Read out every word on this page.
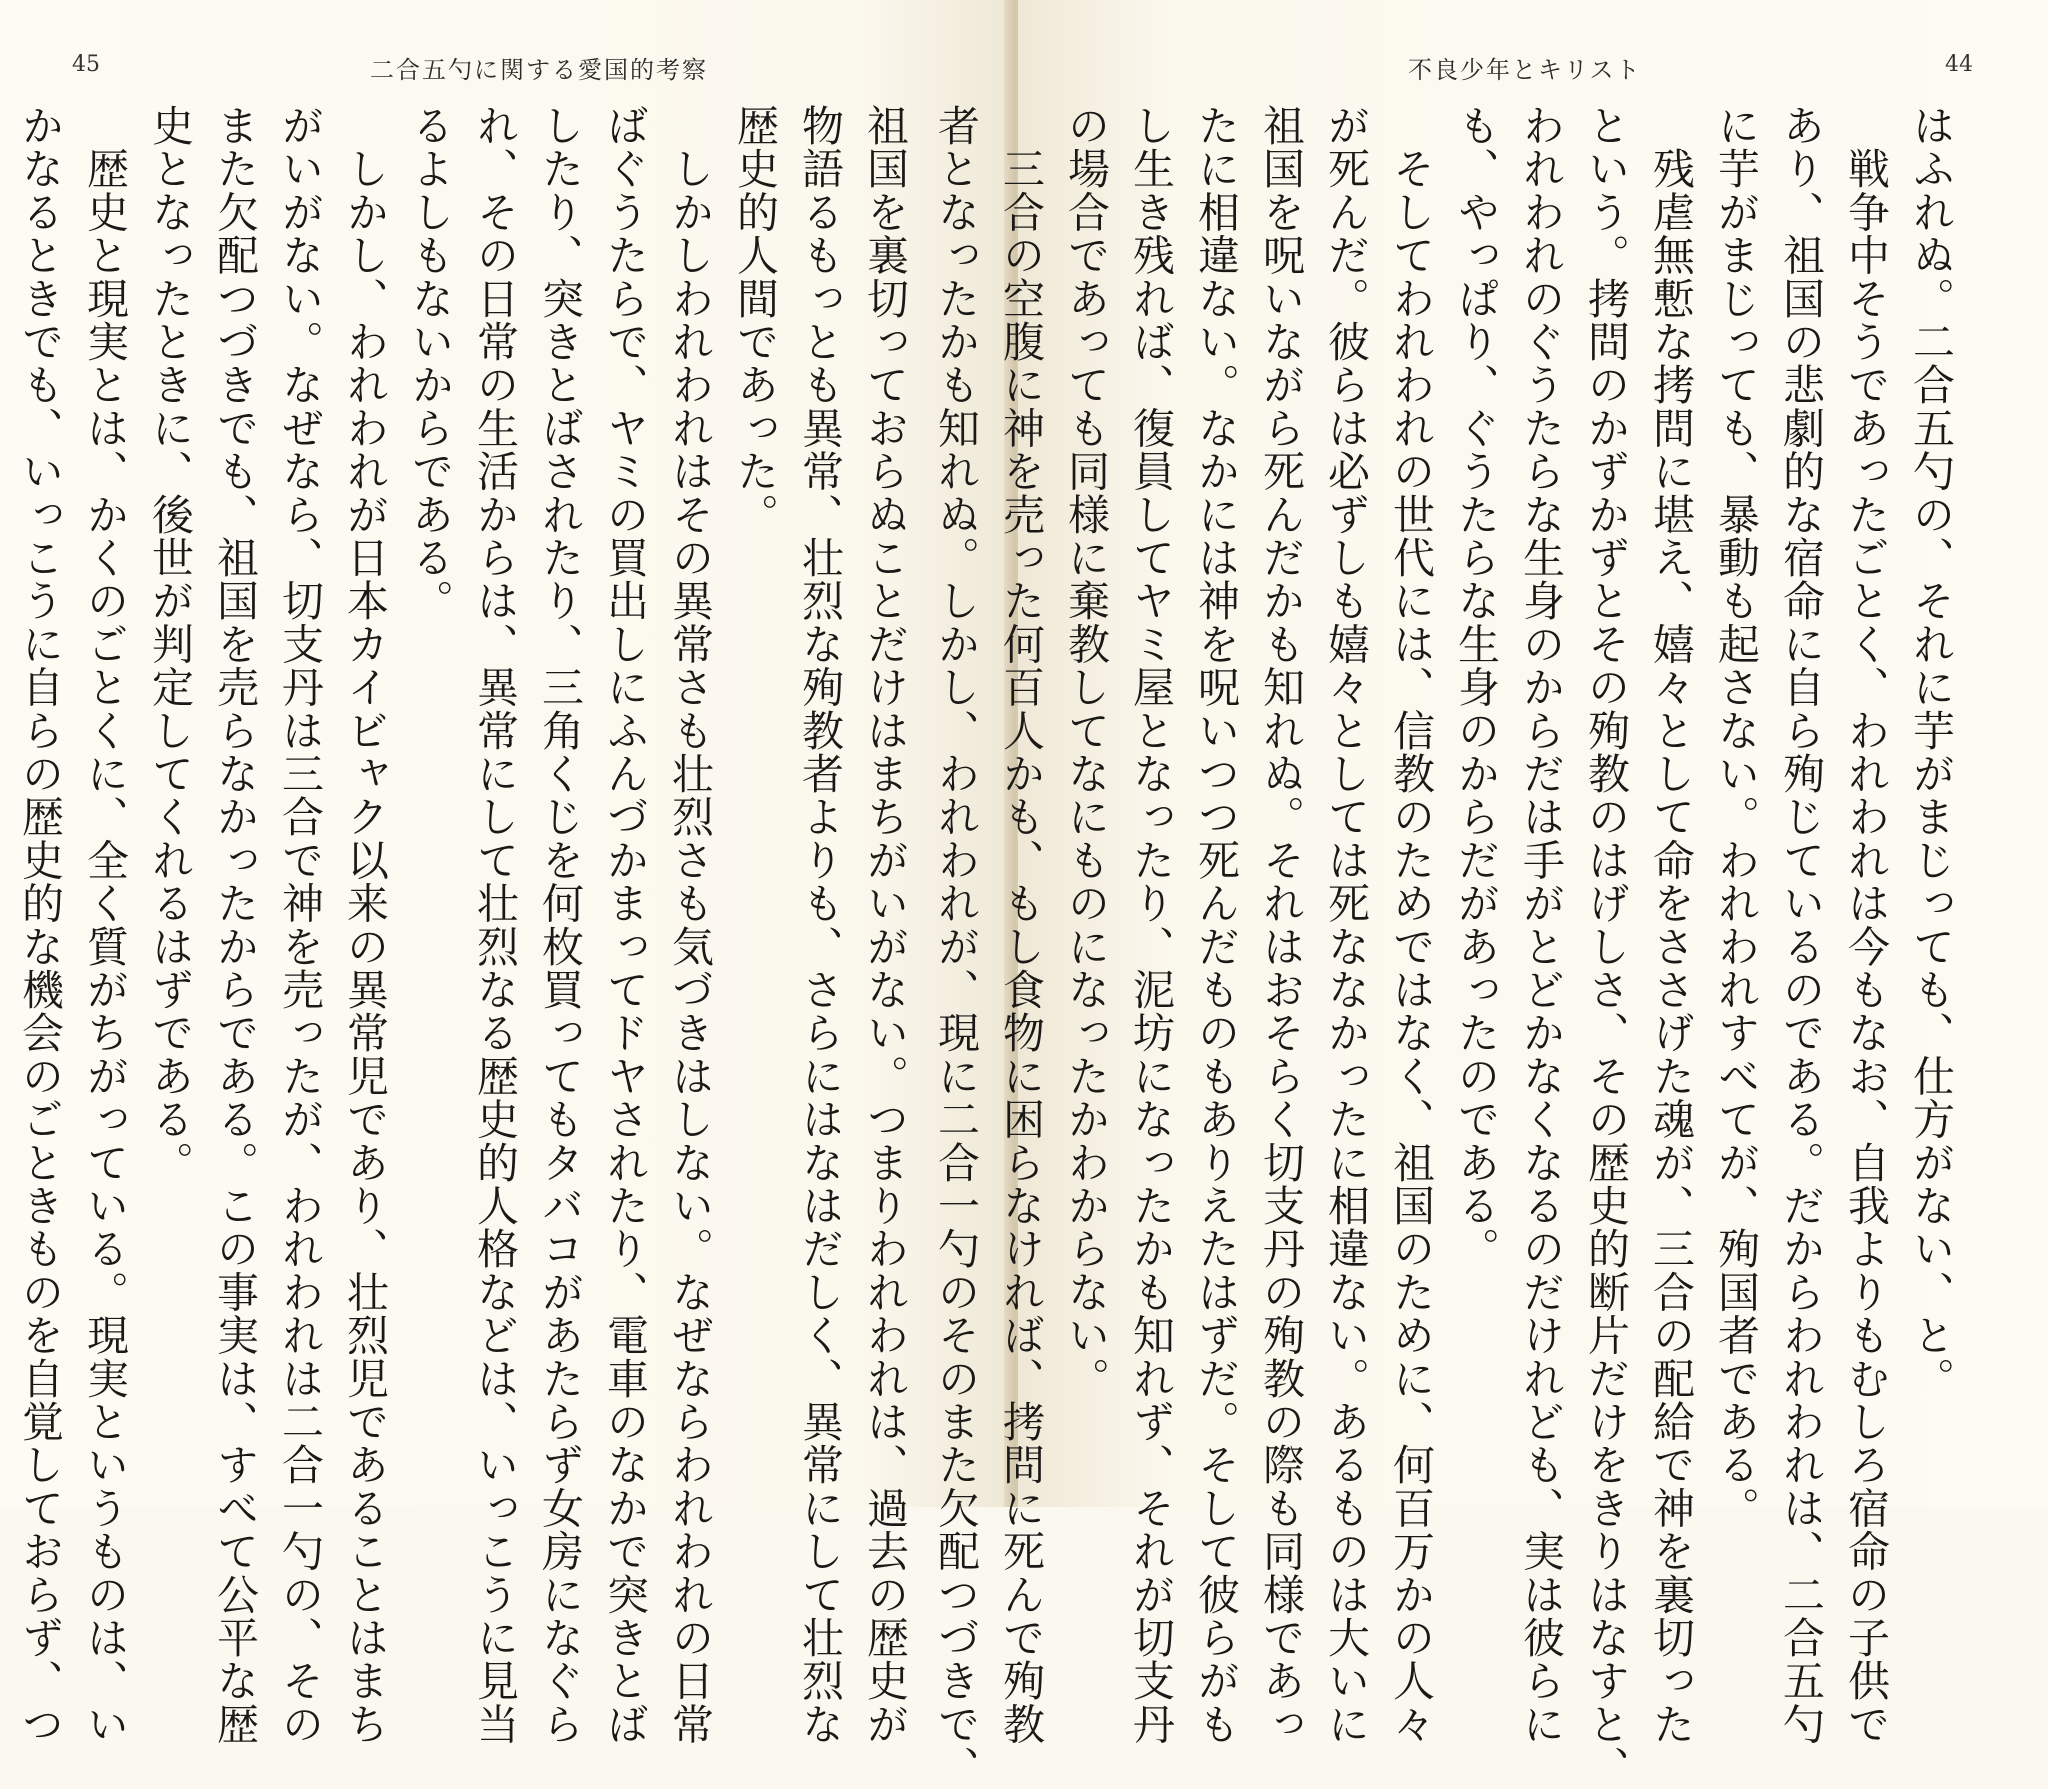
45	二合五勺に関する愛国的考察
祖国を裏切っておらぬことだけはまちがいがない。つまりわれわれは、過去の歴史が
物語るもっとも異常、壮烈な殉教者よりも、さらにはなはだしく、異常にして壮烈な
歴史的人間であった。
　しかしわれわれはその異常さも壮烈さも気づきはしない。なぜならわれわれの日常
ばぐうたらで、ヤミの買出しにふんづかまってドヤされたり、電車のなかで突きとば
したり、突きとばされたり、三角くじを何枚買ってもタバコがあたらず女房になぐら
れ、その日常の生活からは、異常にして壮烈なる歴史的人格などは、いっこうに見当
るよしもないからである。
　しかし、われわれが日本カイビャク以来の異常児であり、壮烈児であることはまち
がいがない。なぜなら、切支丹は三合で神を売ったが、われわれは二合一勺の、その
また欠配つづきでも、祖国を売らなかったからである。この事実は、すべて公平な歴
史となったときに、後世が判定してくれるはずである。
　歴史と現実とは、かくのごとくに、全く質がちがっている。現実というものは、い
かなるときでも、いっこうに自らの歴史的な機会のごときものを自覚しておらず、つ
不良少年とキリスト	44
はふれぬ。二合五勺の、それに芋がまじっても、仕方がない、と。
　戦争中そうであったごとく、われわれは今もなお、自我よりもむしろ宿命の子供で
あり、祖国の悲劇的な宿命に自ら殉じているのである。だからわれわれは、二合五勺
に芋がまじっても、暴動も起さない。われわれすべてが、殉国者である。
　残虐無慙な拷問に堪え、嬉々として命をささげた魂が、三合の配給で神を裏切った
という。拷問のかずかずとその殉教のはげしさ、その歴史的断片だけをきりはなすと、
われわれのぐうたらな生身のからだは手がとどかなくなるのだけれども、実は彼らに
も、やっぱり、ぐうたらな生身のからだがあったのである。
　そしてわれわれの世代には、信教のためではなく、祖国のために、何百万かの人々
が死んだ。彼らは必ずしも嬉々としては死ななかったに相違ない。あるものは大いに
祖国を呪いながら死んだかも知れぬ。それはおそらく切支丹の殉教の際も同様であっ
たに相違ない。なかには神を呪いつつ死んだものもありえたはずだ。そして彼らがも
し生き残れば、復員してヤミ屋となったり、泥坊になったかも知れず、それが切支丹
の場合であっても同様に棄教してなにものになったかわからない。
　三合の空腹に神を売った何百人かも、もし食物に困らなければ、拷問に死んで殉教
者となったかも知れぬ。しかし、われわれが、現に二合一勺のそのまた欠配つづきで、
